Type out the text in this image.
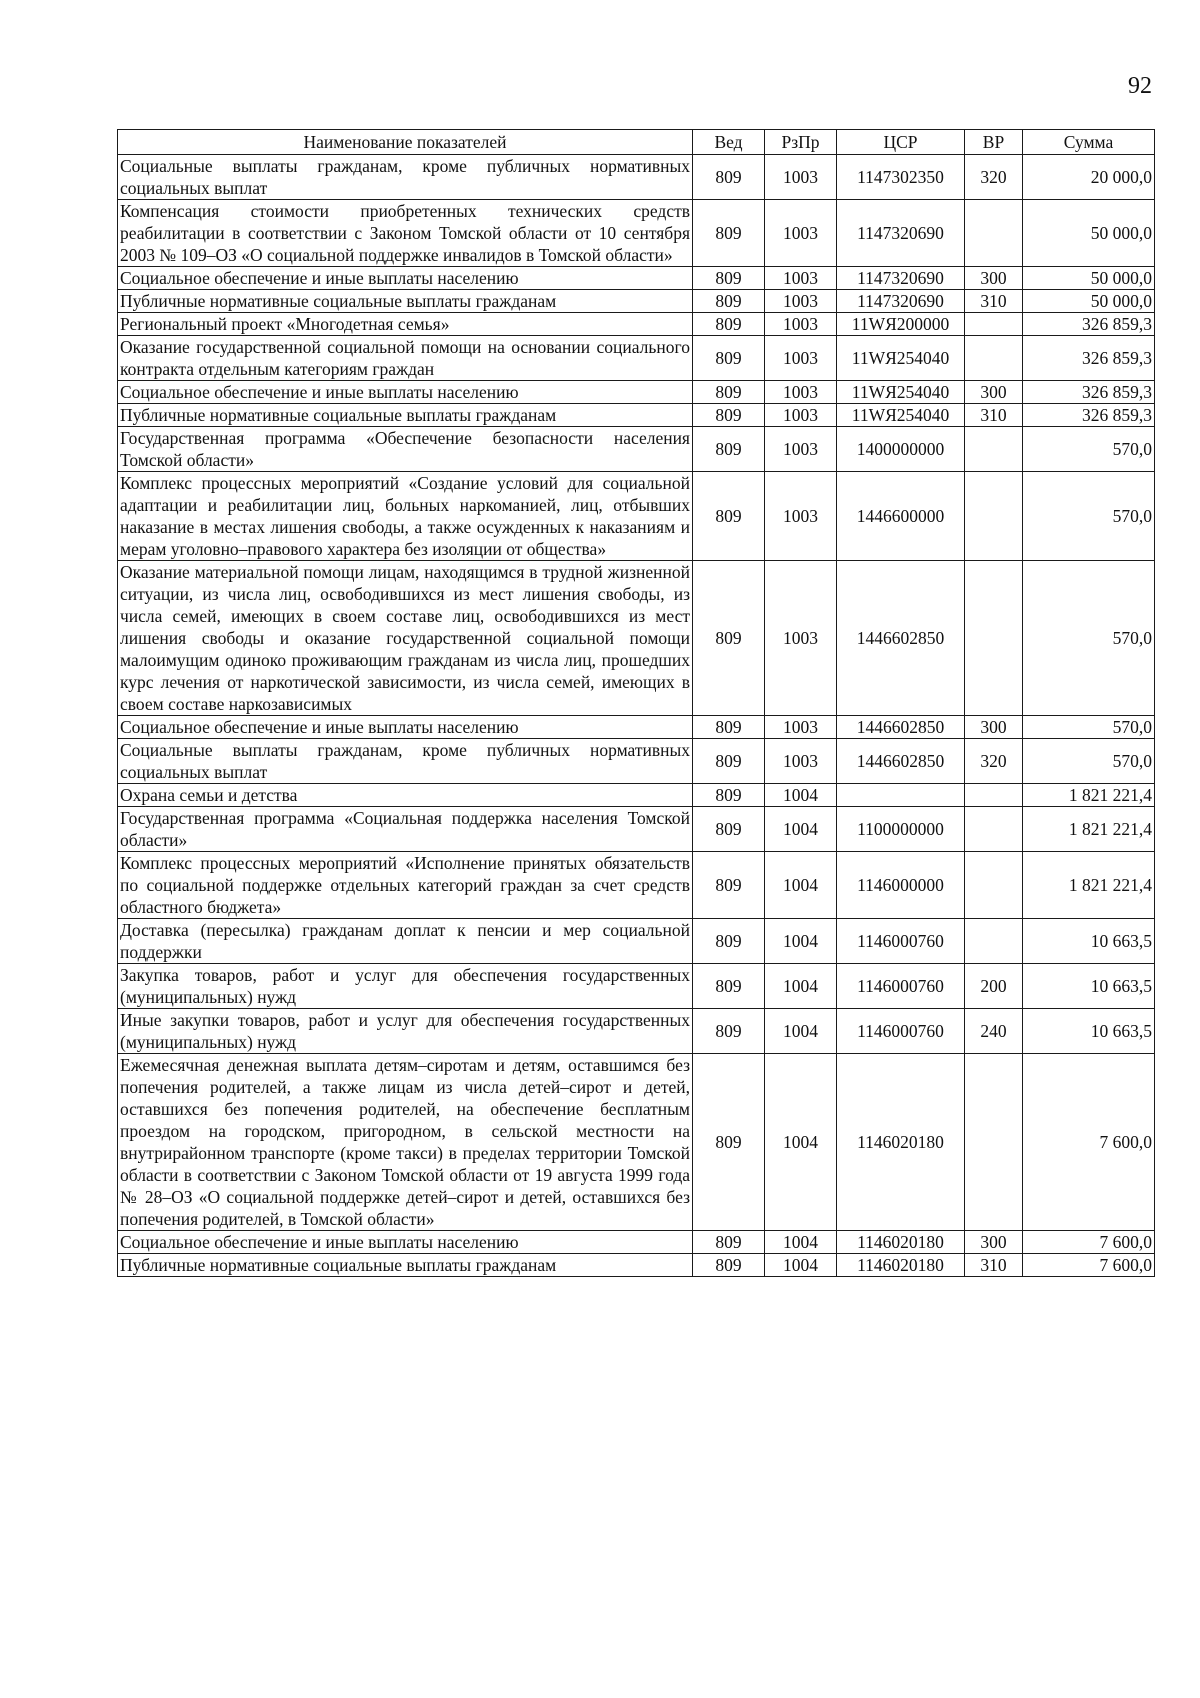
92
Наименование показателей	Вед	РзПр	ЦСР	ВР	Сумма
Социальные выплаты гражданам, кроме публичных нормативных социальных выплат	809	1003	1147302350	320	20 000,0
Компенсация стоимости приобретенных технических средств реабилитации в соответствии с Законом Томской области от 10 сентября 2003 № 109–ОЗ «О социальной поддержке инвалидов в Томской области»	809	1003	1147320690		50 000,0
Социальное обеспечение и иные выплаты населению	809	1003	1147320690	300	50 000,0
Публичные нормативные социальные выплаты гражданам	809	1003	1147320690	310	50 000,0
Региональный проект «Многодетная семья»	809	1003	11WЯ200000		326 859,3
Оказание государственной социальной помощи на основании социального контракта отдельным категориям граждан	809	1003	11WЯ254040		326 859,3
Социальное обеспечение и иные выплаты населению	809	1003	11WЯ254040	300	326 859,3
Публичные нормативные социальные выплаты гражданам	809	1003	11WЯ254040	310	326 859,3
Государственная программа «Обеспечение безопасности населения Томской области»	809	1003	1400000000		570,0
Комплекс процессных мероприятий «Создание условий для социальной адаптации и реабилитации лиц, больных наркоманией, лиц, отбывших наказание в местах лишения свободы, а также осужденных к наказаниям и мерам уголовно–правового характера без изоляции от общества»	809	1003	1446600000		570,0
Оказание материальной помощи лицам, находящимся в трудной жизненной ситуации, из числа лиц, освободившихся из мест лишения свободы, из числа семей, имеющих в своем составе лиц, освободившихся из мест лишения свободы и оказание государственной социальной помощи малоимущим одиноко проживающим гражданам из числа лиц, прошедших курс лечения от наркотической зависимости, из числа семей, имеющих в своем составе наркозависимых	809	1003	1446602850		570,0
Социальное обеспечение и иные выплаты населению	809	1003	1446602850	300	570,0
Социальные выплаты гражданам, кроме публичных нормативных социальных выплат	809	1003	1446602850	320	570,0
Охрана семьи и детства	809	1004			1 821 221,4
Государственная программа «Социальная поддержка населения Томской области»	809	1004	1100000000		1 821 221,4
Комплекс процессных мероприятий «Исполнение принятых обязательств по социальной поддержке отдельных категорий граждан за счет средств областного бюджета»	809	1004	1146000000		1 821 221,4
Доставка (пересылка) гражданам доплат к пенсии и мер социальной поддержки	809	1004	1146000760		10 663,5
Закупка товаров, работ и услуг для обеспечения государственных (муниципальных) нужд	809	1004	1146000760	200	10 663,5
Иные закупки товаров, работ и услуг для обеспечения государственных (муниципальных) нужд	809	1004	1146000760	240	10 663,5
Ежемесячная денежная выплата детям–сиротам и детям, оставшимся без попечения родителей, а также лицам из числа детей–сирот и детей, оставшихся без попечения родителей, на обеспечение бесплатным проездом на городском, пригородном, в сельской местности на внутрирайонном транспорте (кроме такси) в пределах территории Томской области в соответствии с Законом Томской области от 19 августа 1999 года № 28–ОЗ «О социальной поддержке детей–сирот и детей, оставшихся без попечения родителей, в Томской области»	809	1004	1146020180		7 600,0
Социальное обеспечение и иные выплаты населению	809	1004	1146020180	300	7 600,0
Публичные нормативные социальные выплаты гражданам	809	1004	1146020180	310	7 600,0
